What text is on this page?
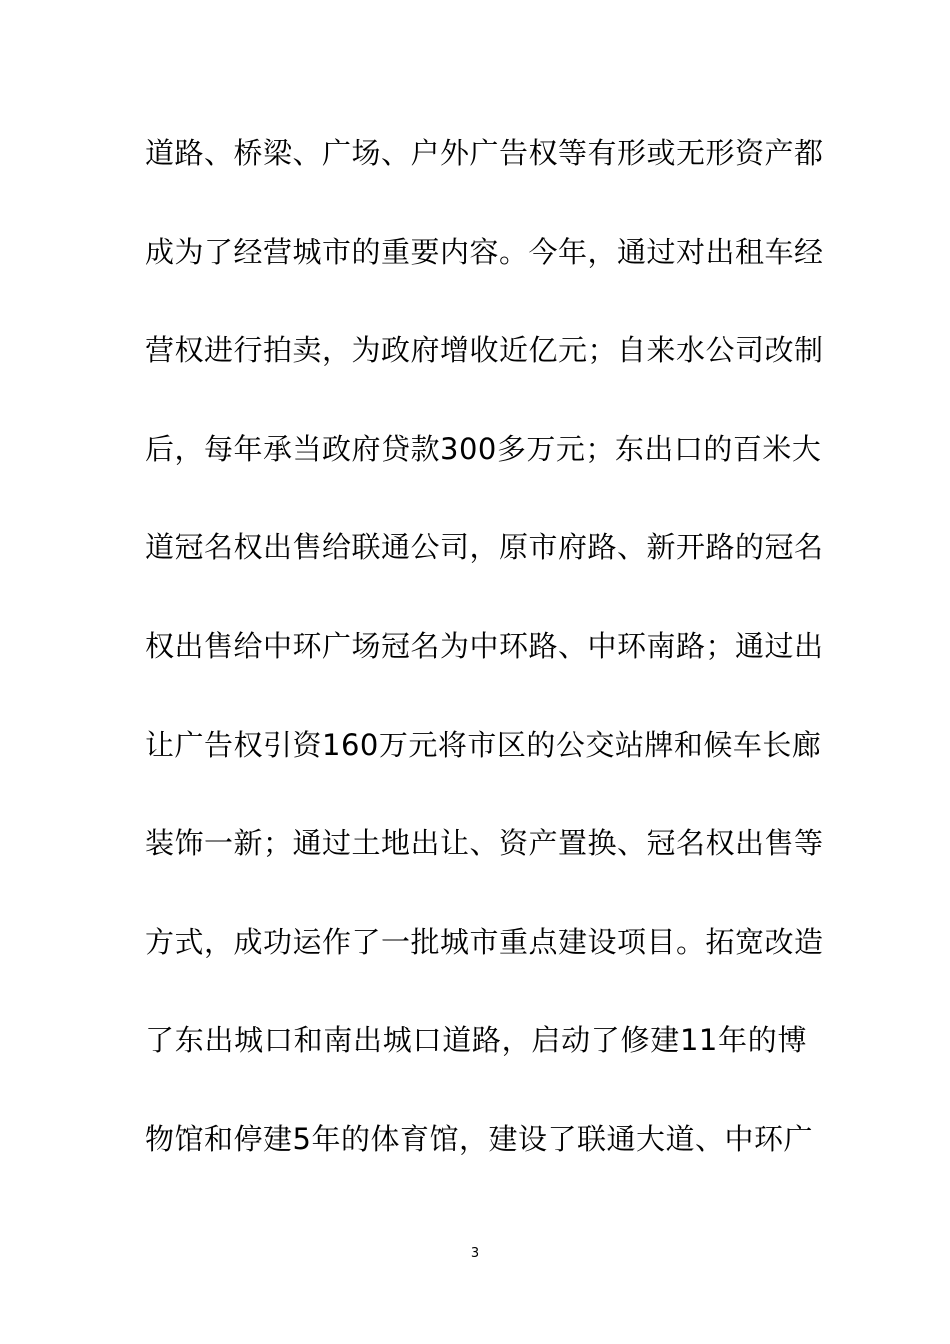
道路、桥梁、广场、户外广告权等有形或无形资产都
成为了经营城市的重要内容。今年，通过对出租车经
营权进行拍卖，为政府增收近亿元；自来水公司改制
后，每年承当政府贷款300多万元；东出口的百米大
道冠名权出售给联通公司，原市府路、新开路的冠名
权出售给中环广场冠名为中环路、中环南路；通过出
让广告权引资160万元将市区的公交站牌和候车长廊
装饰一新；通过土地出让、资产置换、冠名权出售等
方式，成功运作了一批城市重点建设项目。拓宽改造
了东出城口和南出城口道路，启动了修建11年的博
物馆和停建5年的体育馆，建设了联通大道、中环广
3
